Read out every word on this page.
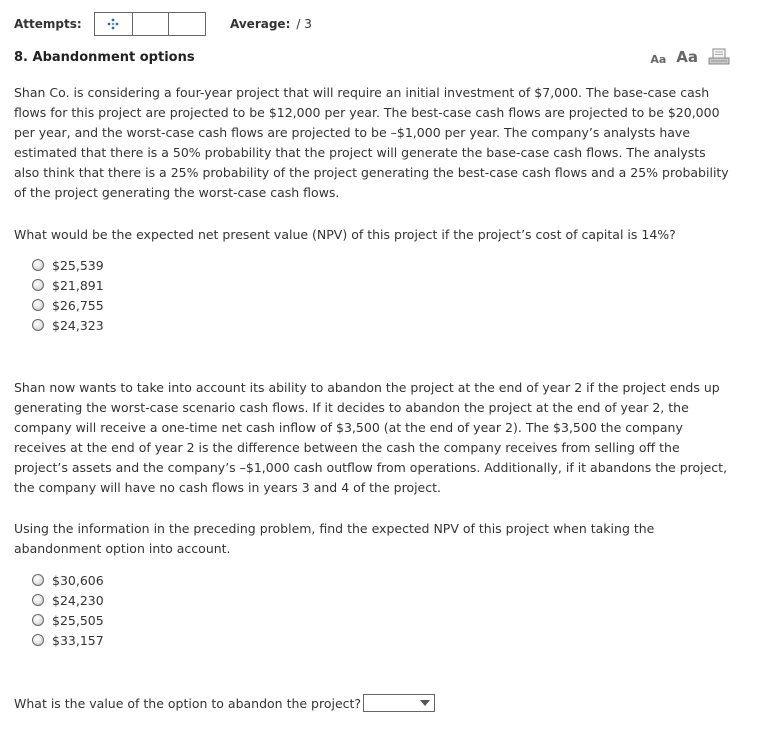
Attempts:	Average: / 3
8. Abandonment options	Aa Aa
Shan Co. is considering a four-year project that will require an initial investment of $7,000. The base-case cash flows for this project are projected to be $12,000 per year. The best-case cash flows are projected to be $20,000 per year, and the worst-case cash flows are projected to be –$1,000 per year. The company’s analysts have estimated that there is a 50% probability that the project will generate the base-case cash flows. The analysts also think that there is a 25% probability of the project generating the best-case cash flows and a 25% probability of the project generating the worst-case cash flows.
What would be the expected net present value (NPV) of this project if the project’s cost of capital is 14%?
$25,539
$21,891
$26,755
$24,323
Shan now wants to take into account its ability to abandon the project at the end of year 2 if the project ends up generating the worst-case scenario cash flows. If it decides to abandon the project at the end of year 2, the company will receive a one-time net cash inflow of $3,500 (at the end of year 2). The $3,500 the company receives at the end of year 2 is the difference between the cash the company receives from selling off the project’s assets and the company’s –$1,000 cash outflow from operations. Additionally, if it abandons the project, the company will have no cash flows in years 3 and 4 of the project.
Using the information in the preceding problem, find the expected NPV of this project when taking the abandonment option into account.
$30,606
$24,230
$25,505
$33,157
What is the value of the option to abandon the project?
